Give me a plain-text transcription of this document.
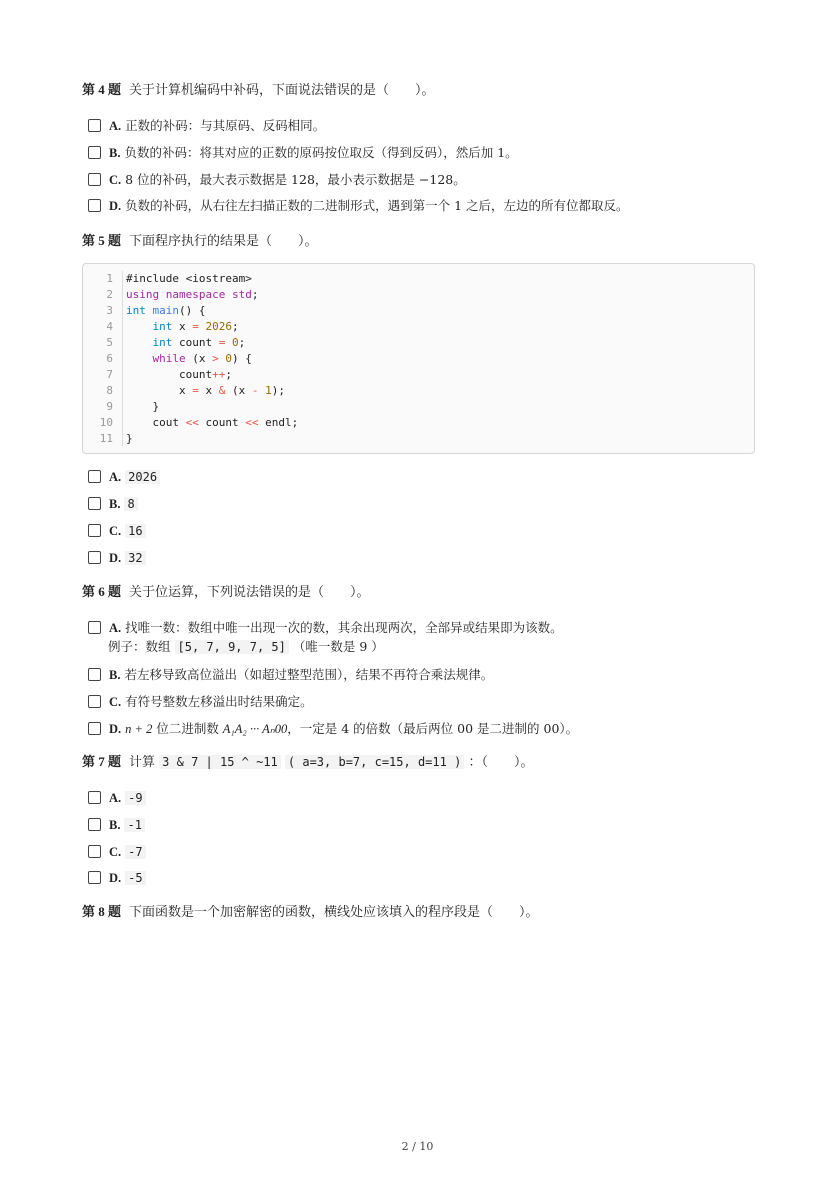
第 4 题 关于计算机编码中补码，下面说法错误的是（　　）。
A. 正数的补码：与其原码、反码相同。
B. 负数的补码：将其对应的正数的原码按位取反（得到反码），然后加 1。
C. 8 位的补码，最大表示数据是 128，最小表示数据是 −128。
D. 负数的补码，从右往左扫描正数的二进制形式，遇到第一个 1 之后，左边的所有位都取反。
第 5 题 下面程序执行的结果是（　　）。
1
2
3
4
5
6
7
8
9
10
11
#include <iostream>
using namespace std;
int main() {
int x = 2026;
int count = 0;
while (x > 0) {
count++;
x = x & (x - 1);
}
cout << count << endl;
}
A. 2026
B. 8
C. 16
D. 32
第 6 题 关于位运算，下列说法错误的是（　　）。
A. 找唯一数：数组中唯一出现一次的数，其余出现两次，全部异或结果即为该数。
例子：数组 [5, 7, 9, 7, 5] （唯一数是 9 ）
B. 若左移导致高位溢出（如超过整型范围），结果不再符合乘法规律。
C. 有符号整数左移溢出时结果确定。
D. n + 2 位二进制数 A₁A₂ ··· Aₙ00，一定是 4 的倍数（最后两位 00 是二进制的 00）。
第 7 题 计算 3 & 7 | 15 ^ ~11 ( a=3, b=7, c=15, d=11 ) ：（　　）。
A. -9
B. -1
C. -7
D. -5
第 8 题 下面函数是一个加密解密的函数，横线处应该填入的程序段是（　　）。
2 / 10
